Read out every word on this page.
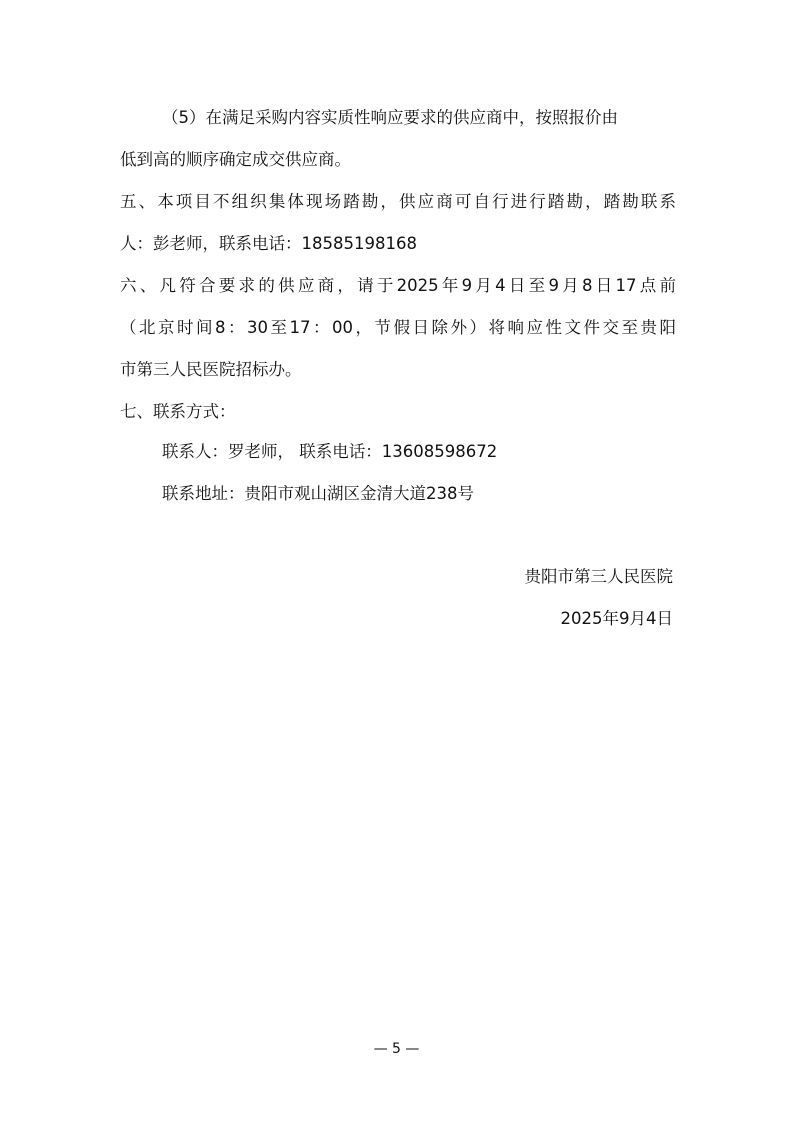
（5）在满足采购内容实质性响应要求的供应商中，按照报价由
低到高的顺序确定成交供应商。
五、本项目不组织集体现场踏勘，供应商可自行进行踏勘，踏勘联系
人：彭老师，联系电话：18585198168
六、凡符合要求的供应商，请于2025年9月4日至9月8日17点前
（北京时间8：30至17：00，节假日除外）将响应性文件交至贵阳
市第三人民医院招标办。
七、联系方式：
联系人：罗老师， 联系电话：13608598672
联系地址：贵阳市观山湖区金清大道238号
贵阳市第三人民医院
2025年9月4日
— 5 —
